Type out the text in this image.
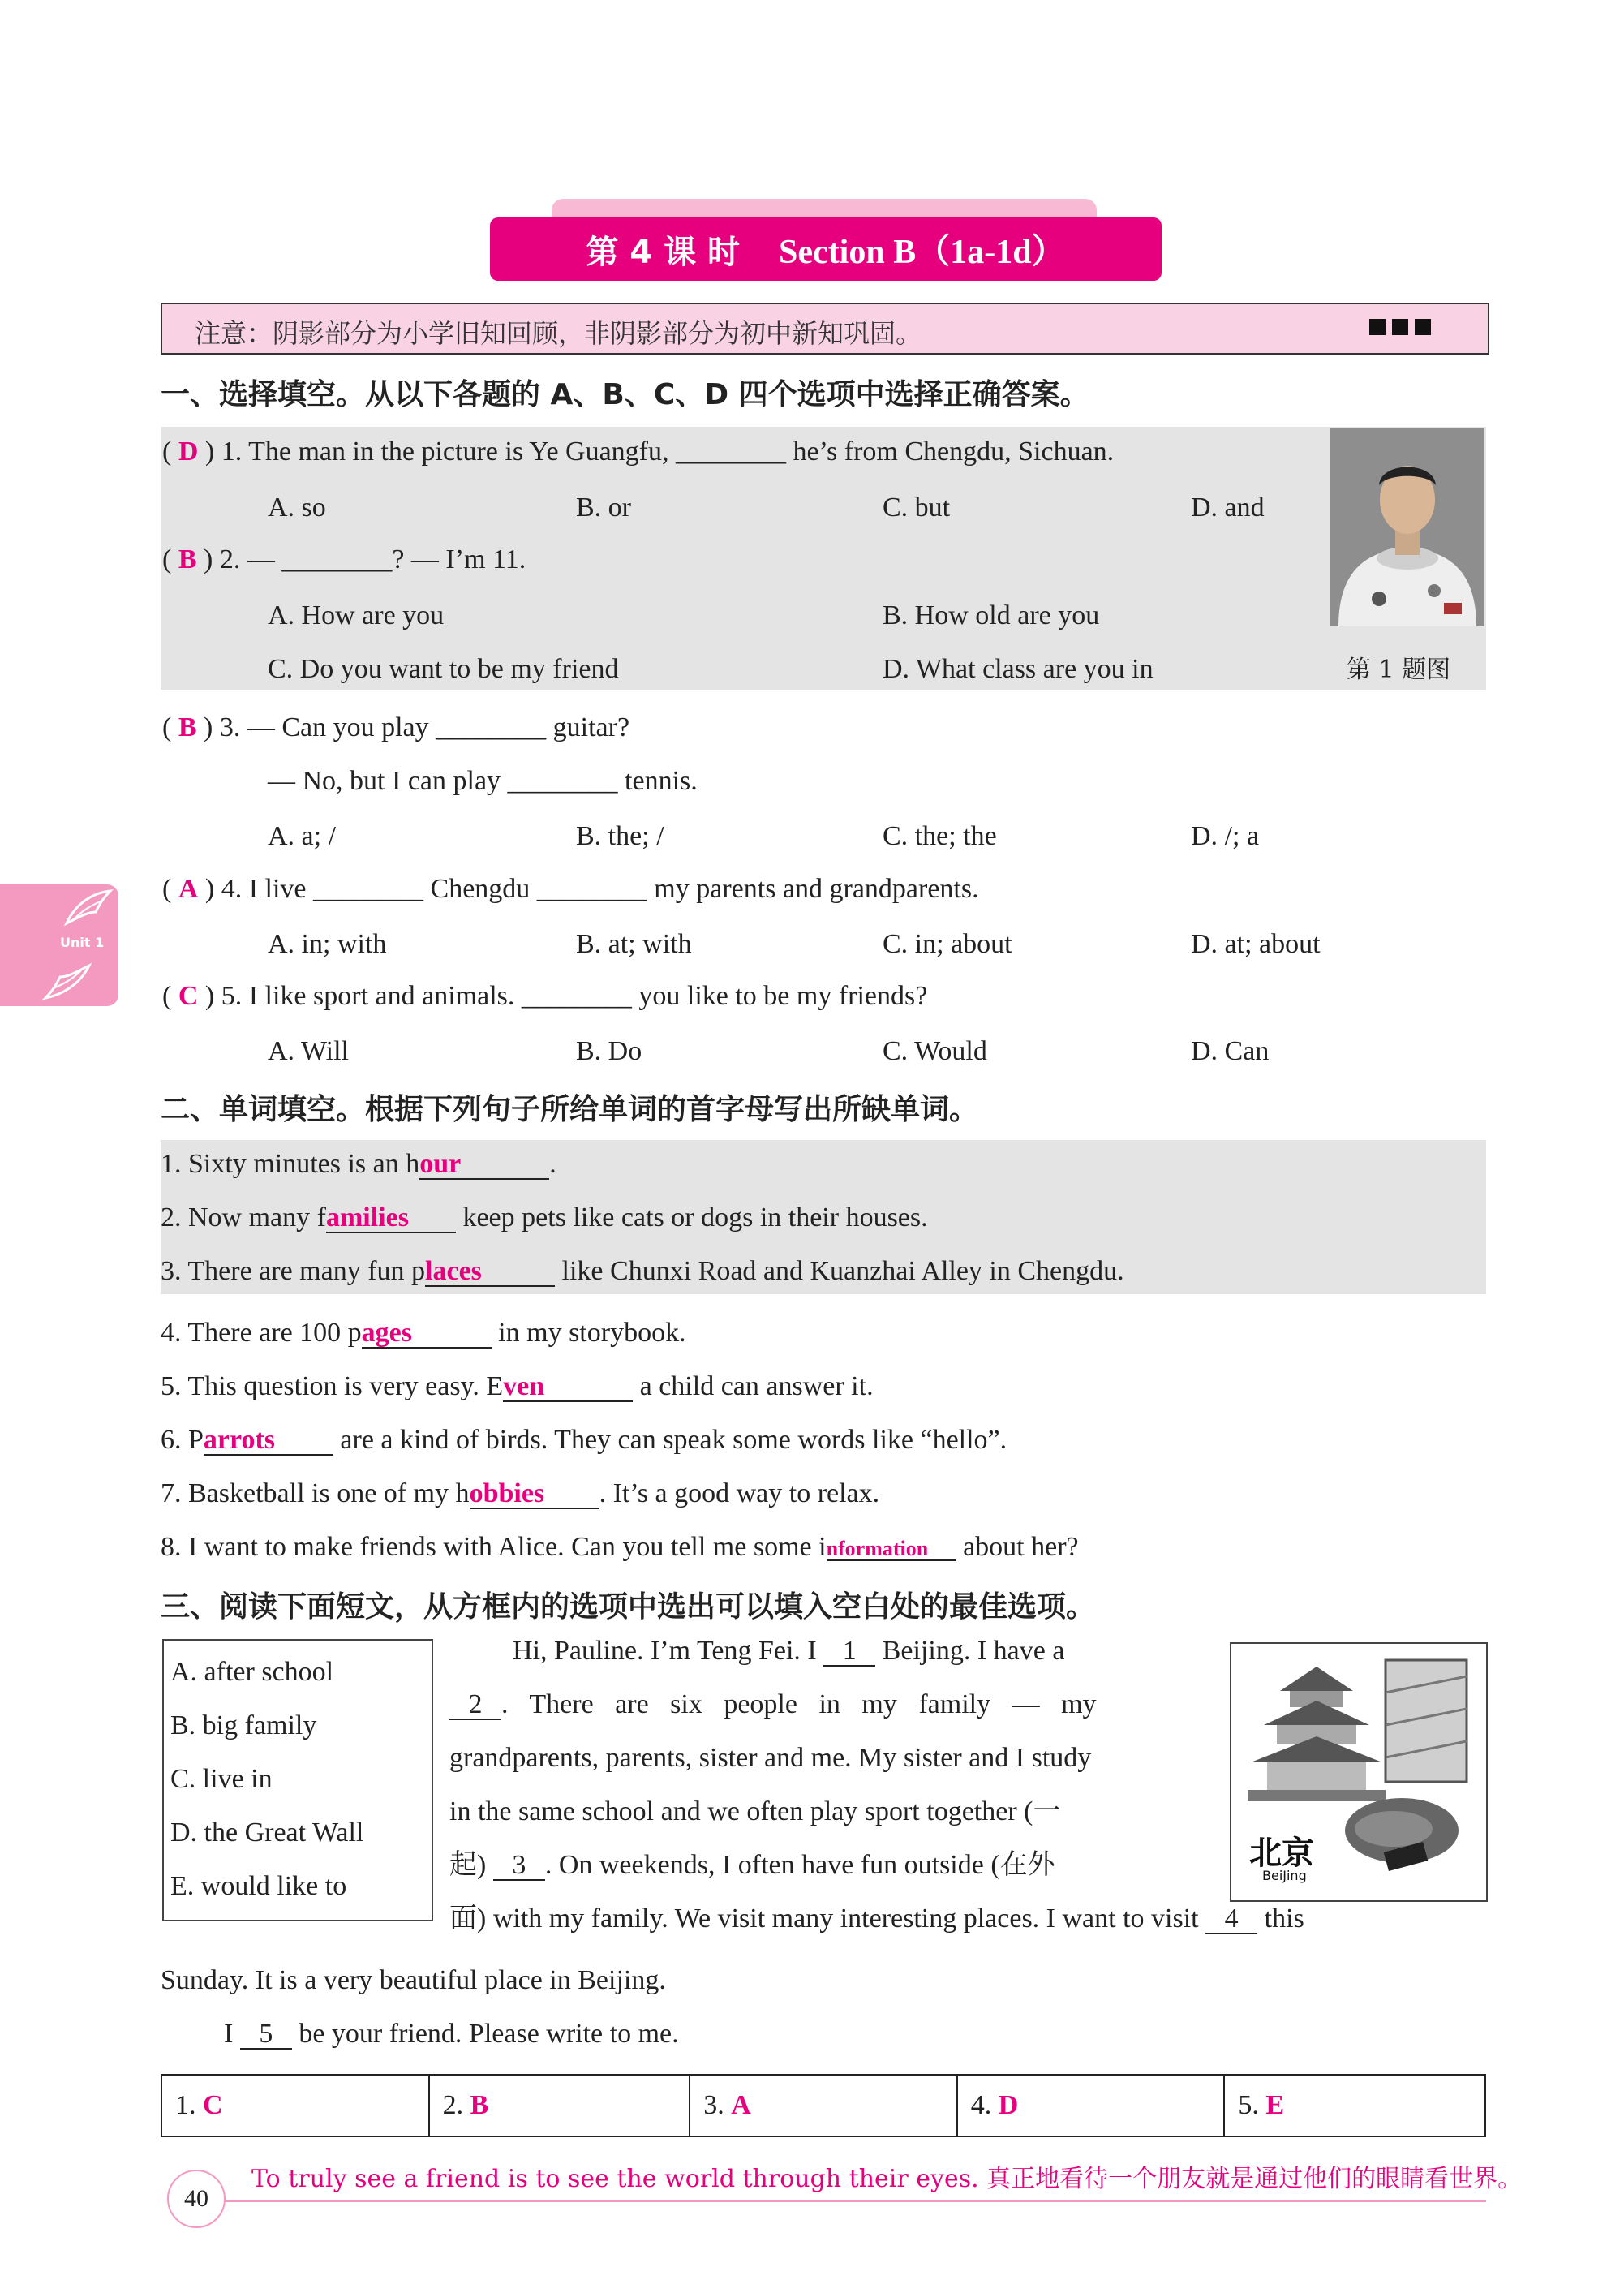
第 4 课 时 Section B（1a-1d）
注意：阴影部分为小学旧知回顾，非阴影部分为初中新知巩固。
Unit 1
一、选择填空。从以下各题的 A、B、C、D 四个选项中选择正确答案。
( D ) 1. The man in the picture is Ye Guangfu, ________ he’s from Chengdu, Sichuan.
A. so	B. or	C. but	D. and
( B ) 2. — ________? — I’m 11.
A. How are you	B. How old are you
C. Do you want to be my friend	D. What class are you in	第 1 题图
( B ) 3. — Can you play ________ guitar?
— No, but I can play ________ tennis.
A. a; /	B. the; /	C. the; the	D. /; a
( A ) 4. I live ________ Chengdu ________ my parents and grandparents.
A. in; with	B. at; with	C. in; about	D. at; about
( C ) 5. I like sport and animals. ________ you like to be my friends?
A. Will	B. Do	C. Would	D. Can
二、单词填空。根据下列句子所给单词的首字母写出所缺单词。
1. Sixty minutes is an hour	.
2. Now many families keep pets like cats or dogs in their houses.
3. There are many fun places	like Chunxi Road and Kuanzhai Alley in Chengdu.
4. There are 100 pages	in my storybook.
5. This question is very easy. Even	a child can answer it.
6. Parrots are a kind of birds. They can speak some words like “hello”.
7. Basketball is one of my hobbies . It’s a good way to relax.
8. I want to make friends with Alice. Can you tell me some information about her?
三、阅读下面短文，从方框内的选项中选出可以填入空白处的最佳选项。
A. after school
B. big family
C. live in
D. the Great Wall
E. would like to
Hi, Pauline. I’m Teng Fei. I 1 Beijing. I have a
2 . There are six people in my family — my
grandparents, parents, sister and me. My sister and I study
in the same school and we often play sport together (一
起) 3 . On weekends, I often have fun outside (在外
面) with my family. We visit many interesting places. I want to visit 4 this
Sunday. It is a very beautiful place in Beijing.
I 5 be your friend. Please write to me.
北京
BeiJing
1. C	2. B	3. A	4. D	5. E
40
To truly see a friend is to see the world through their eyes. 真正地看待一个朋友就是通过他们的眼睛看世界。
